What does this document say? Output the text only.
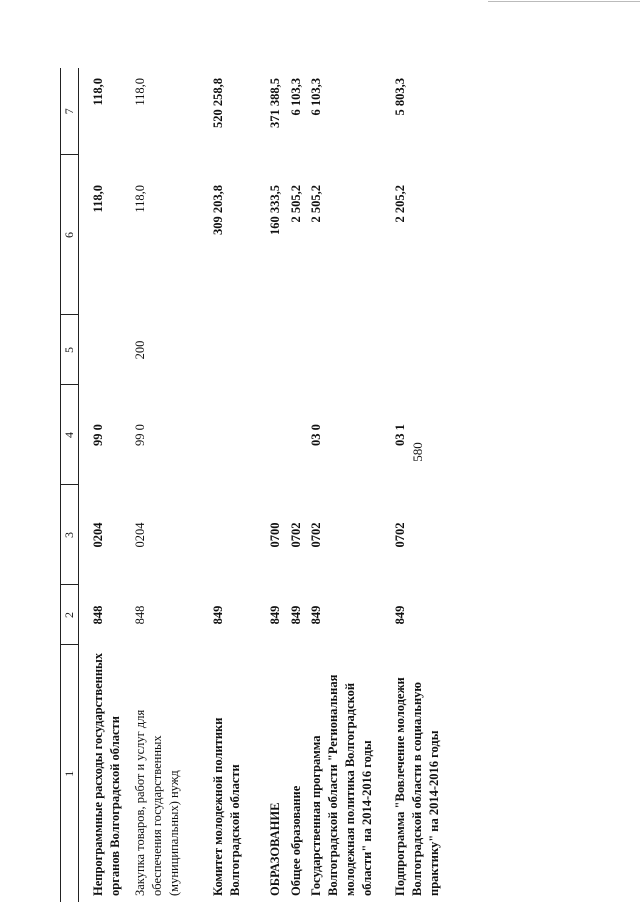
580
1	2	3	4	5	6	7

Непрограммные расходы государственных органов Волгоградской области	848	0204	99 0		118,0	118,0
Закупка товаров, работ и услуг для обеспечения государственных (муниципальных) нужд	848	0204	99 0	200	118,0	118,0

Комитет молодежной политики Волгоградской области	849				309 203,8	520 258,8

ОБРАЗОВАНИЕ	849	0700			160 333,5	371 388,5
Общее образование	849	0702			2 505,2	6 103,3
Государственная программа Волгоградской области "Региональная молодежная политика Волгоградской области" на 2014-2016 годы	849	0702	03 0		2 505,2	6 103,3
Подпрограмма "Вовлечение молодежи Волгоградской области в социальную практику" на 2014-2016 годы	849	0702	03 1		2 205,2	5 803,3
